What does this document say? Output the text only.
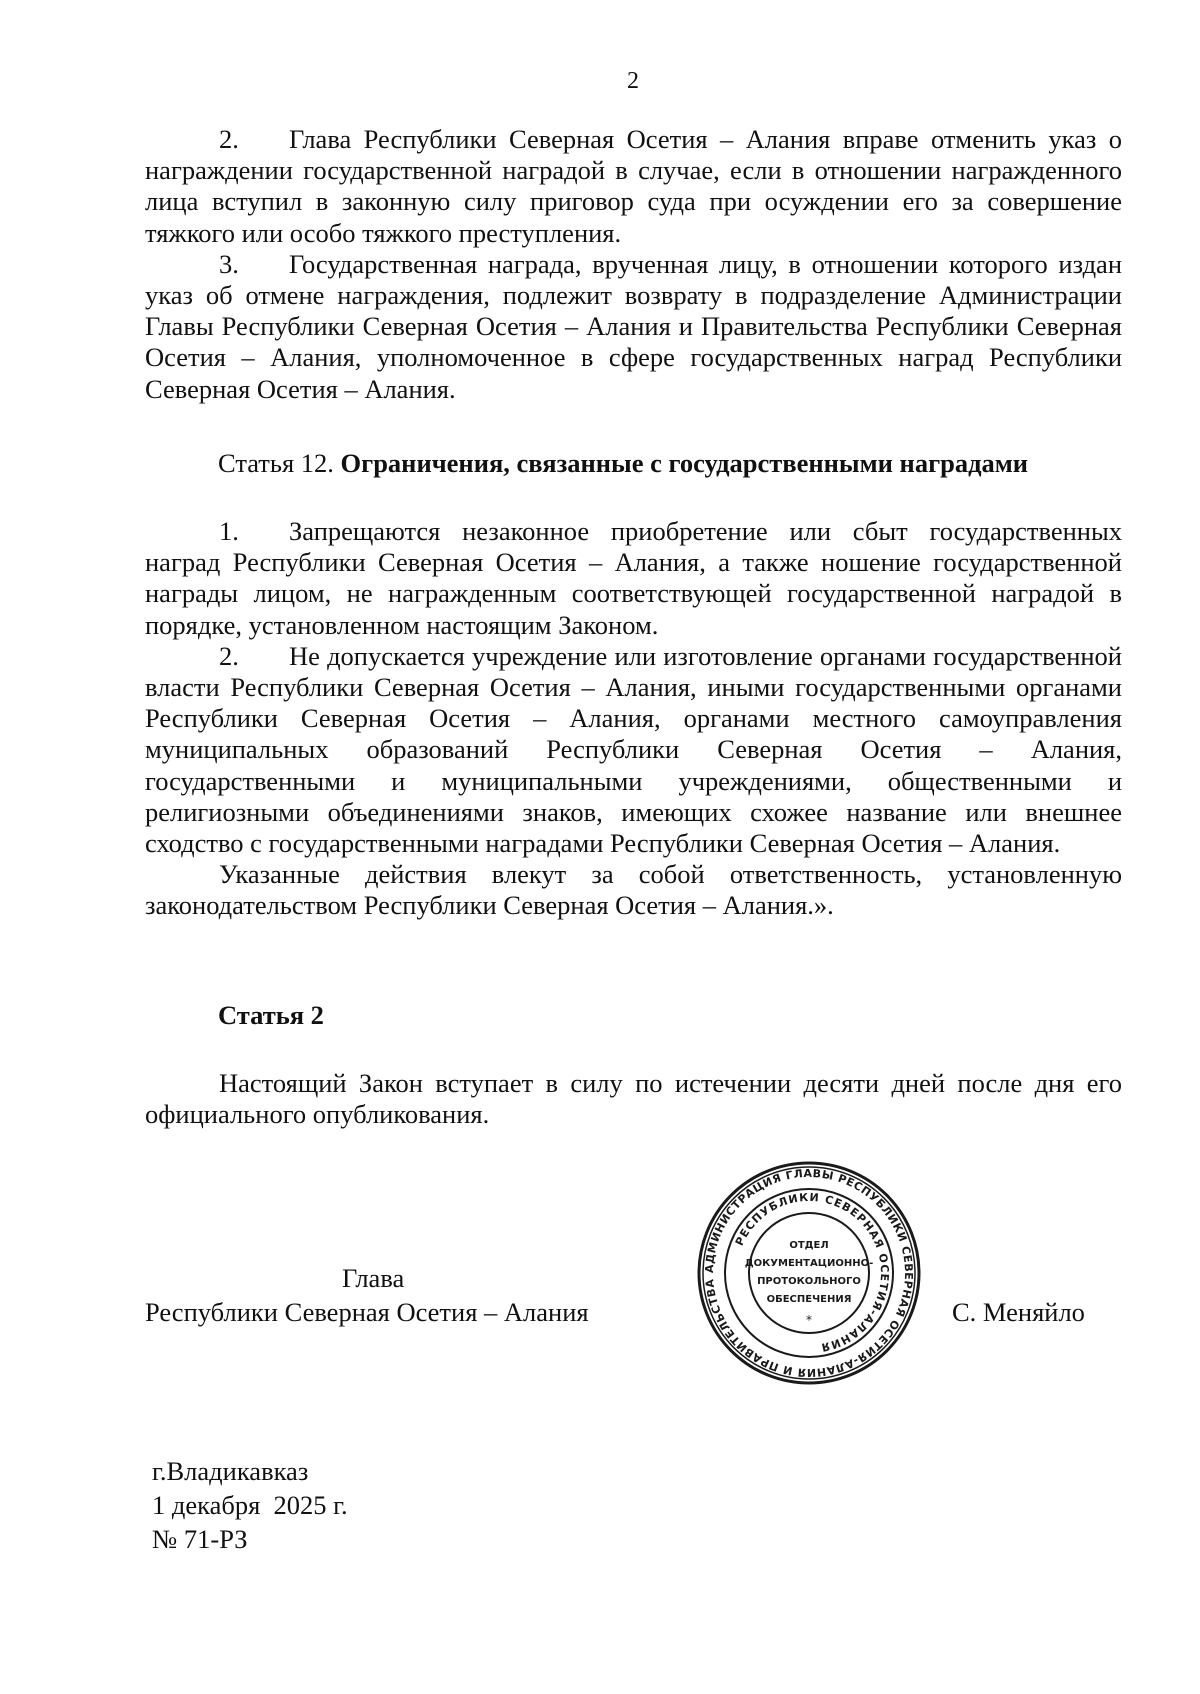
2

2. Глава Республики Северная Осетия – Алания вправе отменить указ о награждении государственной наградой в случае, если в отношении награжденного лица вступил в законную силу приговор суда при осуждении его за совершение тяжкого или особо тяжкого преступления.

3. Государственная награда, врученная лицу, в отношении которого издан указ об отмене награждения, подлежит возврату в подразделение Администрации Главы Республики Северная Осетия – Алания и Правительства Республики Северная Осетия – Алания, уполномоченное в сфере государственных наград Республики Северная Осетия – Алания.

Статья 12. Ограничения, связанные с государственными наградами

1. Запрещаются незаконное приобретение или сбыт государственных наград Республики Северная Осетия – Алания, а также ношение государственной награды лицом, не награжденным соответствующей государственной наградой в порядке, установленном настоящим Законом.

2. Не допускается учреждение или изготовление органами государственной власти Республики Северная Осетия – Алания, иными государственными органами Республики Северная Осетия – Алания, органами местного самоуправления муниципальных образований Республики Северная Осетия – Алания, государственными и муниципальными учреждениями, общественными и религиозными объединениями знаков, имеющих схожее название или внешнее сходство с государственными наградами Республики Северная Осетия – Алания.

Указанные действия влекут за собой ответственность, установленную законодательством Республики Северная Осетия – Алания.».

Статья 2

Настоящий Закон вступает в силу по истечении десяти дней после дня его официального опубликования.

Глава
Республики Северная Осетия – Алания
АДМИНИСТРАЦИЯ ГЛАВЫ РЕСПУБЛИКИ СЕВЕРНАЯ ОСЕТИЯ-АЛАНИЯ И ПРАВИТЕЛЬСТВА
РЕСПУБЛИКИ СЕВЕРНАЯ ОСЕТИЯ-АЛАНИЯ
ОТДЕЛ
ДОКУМЕНТАЦИОННО-
ПРОТОКОЛЬНОГО
ОБЕСПЕЧЕНИЯ
*	С. Меняйло
г.Владикавказ
1 декабря  2025 г.
№ 71-РЗ
